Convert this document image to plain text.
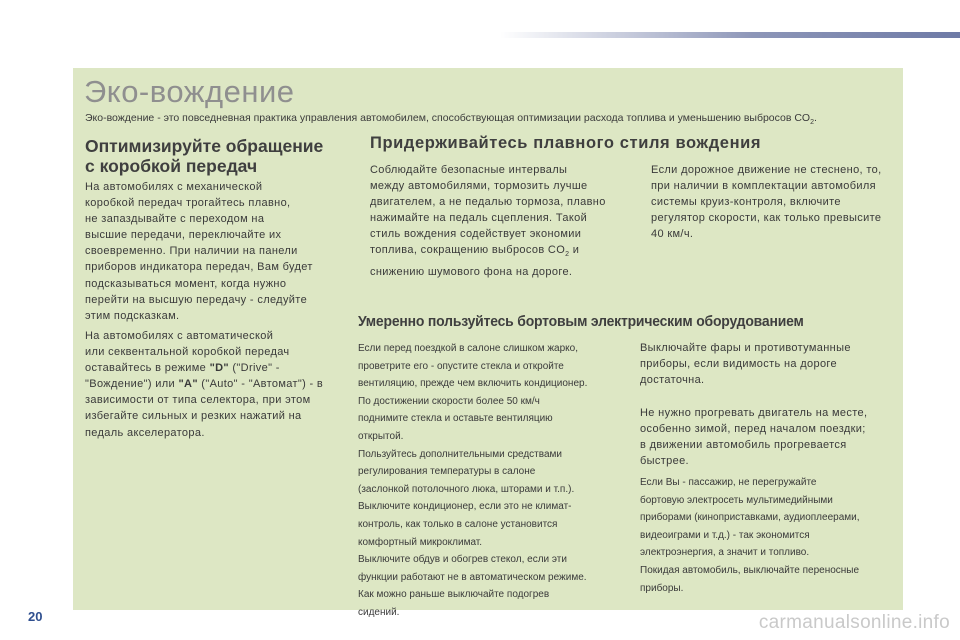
Эко-вождение
Эко-вождение - это повседневная практика управления автомобилем, способствующая оптимизации расхода топлива и уменьшению выбросов $CO_2$.
Оптимизируйте обращение
с коробкой передач
На автомобилях с механической
коробкой передач трогайтесь плавно,
не запаздывайте с переходом на
высшие передачи, переключайте их
своевременно. При наличии на панели
приборов индикатора передач, Вам будет
подсказываться момент, когда нужно
перейти на высшую передачу - следуйте
этим подсказкам.
На автомобилях с автоматической
или секвентальной коробкой передач
оставайтесь в режиме "D" ("Drive" -
"Вождение") или "A" ("Auto" - "Автомат") - в
зависимости от типа селектора, при этом
избегайте сильных и резких нажатий на
педаль акселератора.
Придерживайтесь плавного стиля вождения
Соблюдайте безопасные интервалы
между автомобилями, тормозить лучше
двигателем, а не педалью тормоза, плавно
нажимайте на педаль сцепления. Такой
стиль вождения содействует экономии
топлива, сокращению выбросов $CO_2$ и
снижению шумового фона на дороге.
Если дорожное движение не стеснено, то,
при наличии в комплектации автомобиля
системы круиз-контроля, включите
регулятор скорости, как только превысите
40 км/ч.
Умеренно пользуйтесь бортовым электрическим оборудованием
Если перед поездкой в салоне слишком жарко,
проветрите его - опустите стекла и откройте
вентиляцию, прежде чем включить кондиционер.
По достижении скорости более 50 км/ч
поднимите стекла и оставьте вентиляцию
открытой.
Пользуйтесь дополнительными средствами
регулирования температуры в салоне
(заслонкой потолочного люка, шторами и т.п.).
Выключите кондиционер, если это не климат-
контроль, как только в салоне установится
комфортный микроклимат.
Выключите обдув и обогрев стекол, если эти
функции работают не в автоматическом режиме.
Как можно раньше выключайте подогрев
сидений.
Выключайте фары и противотуманные
приборы, если видимость на дороге
достаточна.
Не нужно прогревать двигатель на месте,
особенно зимой, перед началом поездки;
в движении автомобиль прогревается
быстрее.
Если Вы - пассажир, не перегружайте
бортовую электросеть мультимедийными
приборами (киноприставками, аудиоплеерами,
видеоиграми и т.д.) - так экономится
электроэнергия, а значит и топливо.
Покидая автомобиль, выключайте переносные
приборы.
20	carmanualsonline.info
